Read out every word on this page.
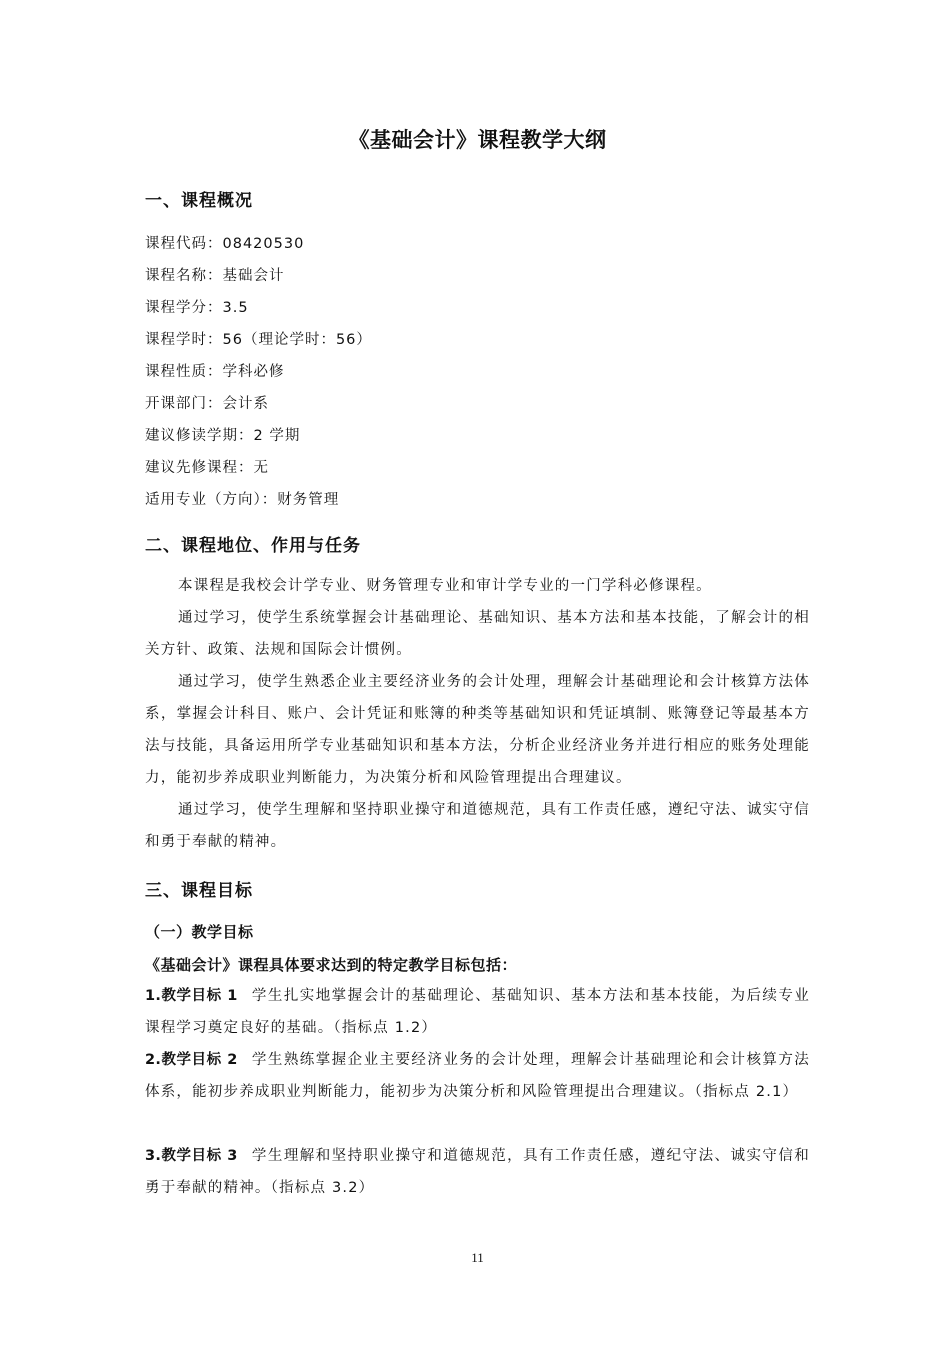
《基础会计》课程教学大纲
一、课程概况
课程代码：08420530
课程名称：基础会计
课程学分：3.5
课程学时：56（理论学时：56）
课程性质：学科必修
开课部门：会计系
建议修读学期：2 学期
建议先修课程：无
适用专业（方向）：财务管理
二、课程地位、作用与任务

本课程是我校会计学专业、财务管理专业和审计学专业的一门学科必修课程。

通过学习，使学生系统掌握会计基础理论、基础知识、基本方法和基本技能，了解会计的相关方针、政策、法规和国际会计惯例。

通过学习，使学生熟悉企业主要经济业务的会计处理，理解会计基础理论和会计核算方法体系，掌握会计科目、账户、会计凭证和账簿的种类等基础知识和凭证填制、账簿登记等最基本方法与技能，具备运用所学专业基础知识和基本方法，分析企业经济业务并进行相应的账务处理能力，能初步养成职业判断能力，为决策分析和风险管理提出合理建议。

通过学习，使学生理解和坚持职业操守和道德规范，具有工作责任感，遵纪守法、诚实守信和勇于奉献的精神。

三、课程目标
（一）教学目标

《基础会计》课程具体要求达到的特定教学目标包括：

1.教学目标 1 学生扎实地掌握会计的基础理论、基础知识、基本方法和基本技能，为后续专业课程学习奠定良好的基础。（指标点 1.2）

2.教学目标 2 学生熟练掌握企业主要经济业务的会计处理，理解会计基础理论和会计核算方法体系，能初步养成职业判断能力，能初步为决策分析和风险管理提出合理建议。（指标点 2.1）

3.教学目标 3 学生理解和坚持职业操守和道德规范，具有工作责任感，遵纪守法、诚实守信和勇于奉献的精神。（指标点 3.2）

11
